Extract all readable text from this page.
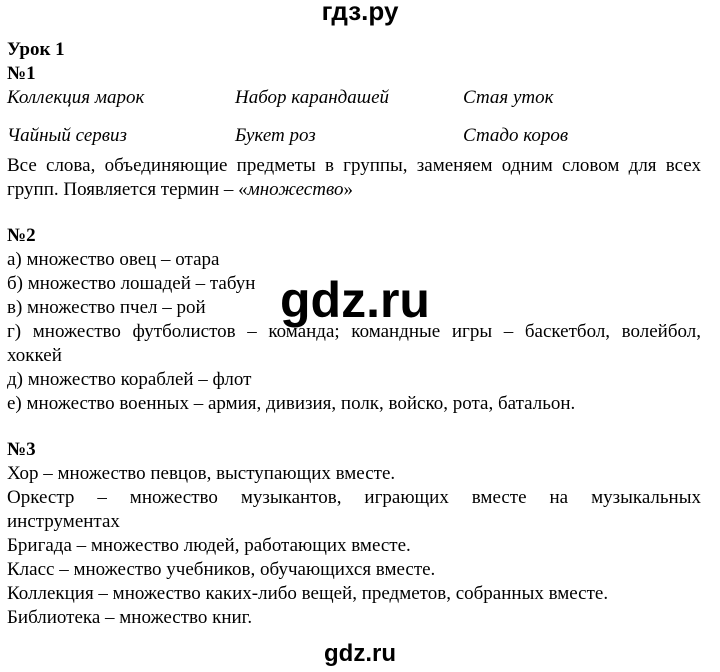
гдз.ру

Урок 1

№1

Коллекция марок	Набор карандашей	Стая уток
Чайный сервиз	Букет роз	Стадо коров

Все слова, объединяющие предметы в группы, заменяем одним словом для всех групп. Появляется термин – «множество»

№2

а) множество овец – отара

б) множество лошадей – табун

в) множество пчел – рой

г) множество футболистов – команда; командные игры – баскетбол, волейбол,

хоккей

д) множество кораблей – флот

е) множество военных – армия, дивизия, полк, войско, рота, батальон.

№3

Хор – множество певцов, выступающих вместе.

Оркестр – множество музыкантов, играющих вместе на музыкальных

инструментах

Бригада – множество людей, работающих вместе.

Класс – множество учебников, обучающихся вместе.

Коллекция – множество каких-либо вещей, предметов, собранных вместе.

Библиотека – множество книг.

gdz.ru
gdz.ru
